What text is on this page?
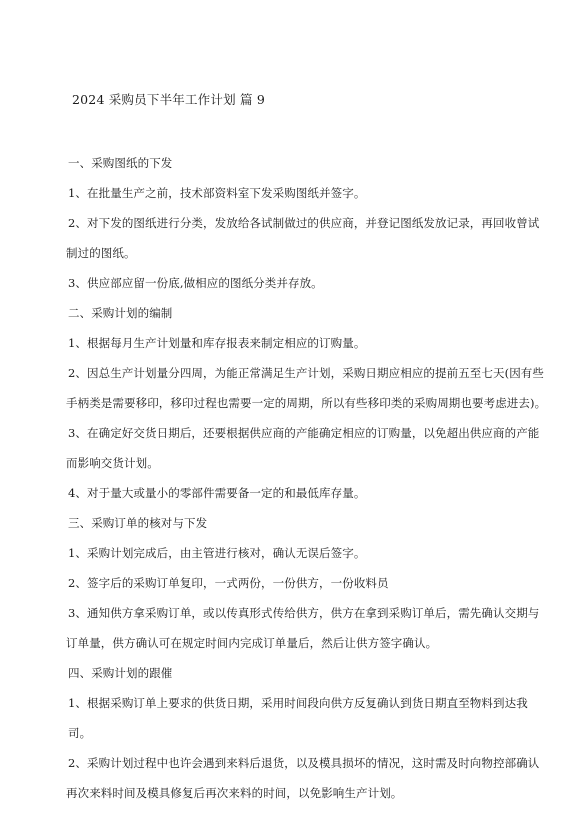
2024 采购员下半年工作计划 篇 9

一、采购图纸的下发

1、在批量生产之前，技术部资料室下发采购图纸并签字。

2、对下发的图纸进行分类，发放给各试制做过的供应商，并登记图纸发放记录，再回收曾试

制过的图纸。

3、供应部应留一份底,做相应的图纸分类并存放。

二、采购计划的编制

1、根据每月生产计划量和库存报表来制定相应的订购量。

2、因总生产计划量分四周，为能正常满足生产计划，采购日期应相应的提前五至七天(因有些

手柄类是需要移印，移印过程也需要一定的周期，所以有些移印类的采购周期也要考虑进去)。

3、在确定好交货日期后，还要根据供应商的产能确定相应的订购量，以免超出供应商的产能

而影响交货计划。

4、对于量大或量小的零部件需要备一定的和最低库存量。

三、采购订单的核对与下发

1、采购计划完成后，由主管进行核对，确认无误后签字。

2、签字后的采购订单复印，一式两份，一份供方，一份收料员

3、通知供方拿采购订单，或以传真形式传给供方，供方在拿到采购订单后，需先确认交期与

订单量，供方确认可在规定时间内完成订单量后，然后让供方签字确认。

四、采购计划的跟催

1、根据采购订单上要求的供货日期，采用时间段向供方反复确认到货日期直至物料到达我司。

2、采购计划过程中也许会遇到来料后退货，以及模具损坏的情况，这时需及时向物控部确认

再次来料时间及模具修复后再次来料的时间，以免影响生产计划。
